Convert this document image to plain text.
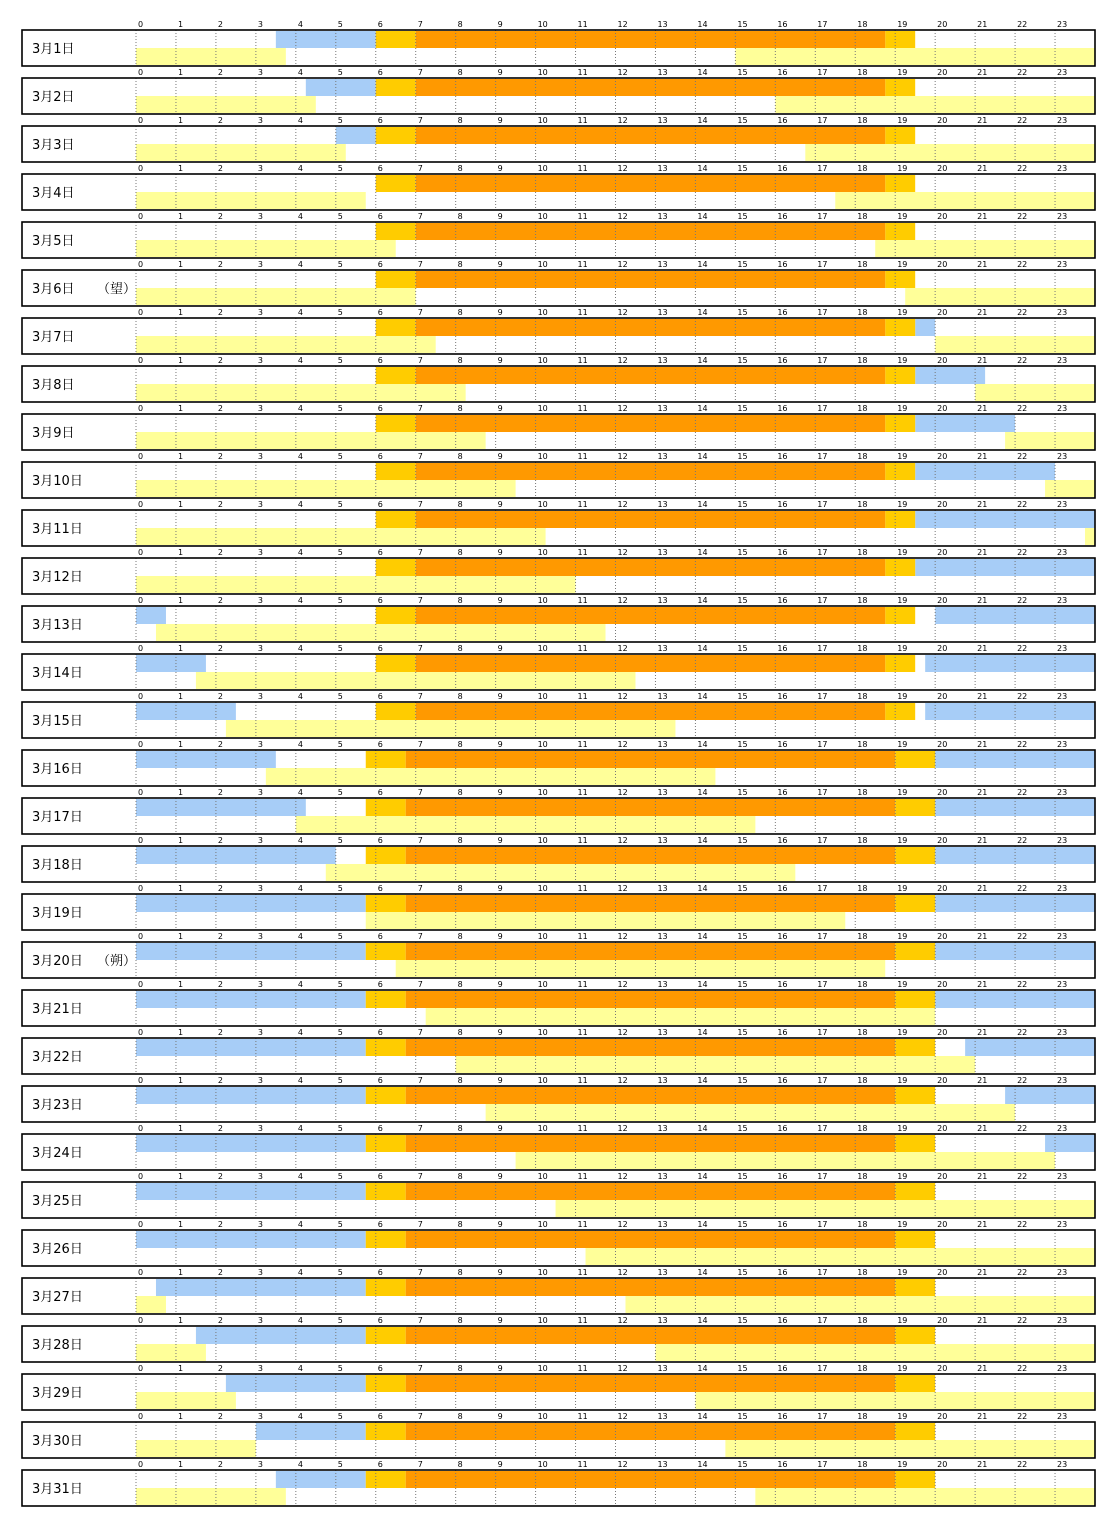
0	1	2	3	4	5	6	7	8	9	10	11	12	13	14	15	16	17	18	19	20	21	22	23
3月1日
0	1	2	3	4	5	6	7	8	9	10	11	12	13	14	15	16	17	18	19	20	21	22	23
3月2日
0	1	2	3	4	5	6	7	8	9	10	11	12	13	14	15	16	17	18	19	20	21	22	23
3月3日
0	1	2	3	4	5	6	7	8	9	10	11	12	13	14	15	16	17	18	19	20	21	22	23
3月4日
0	1	2	3	4	5	6	7	8	9	10	11	12	13	14	15	16	17	18	19	20	21	22	23
3月5日
0	1	2	3	4	5	6	7	8	9	10	11	12	13	14	15	16	17	18	19	20	21	22	23
3月6日 （望）
0	1	2	3	4	5	6	7	8	9	10	11	12	13	14	15	16	17	18	19	20	21	22	23
3月7日
0	1	2	3	4	5	6	7	8	9	10	11	12	13	14	15	16	17	18	19	20	21	22	23
3月8日
0	1	2	3	4	5	6	7	8	9	10	11	12	13	14	15	16	17	18	19	20	21	22	23
3月9日
0	1	2	3	4	5	6	7	8	9	10	11	12	13	14	15	16	17	18	19	20	21	22	23
3月10日
0	1	2	3	4	5	6	7	8	9	10	11	12	13	14	15	16	17	18	19	20	21	22	23
3月11日
0	1	2	3	4	5	6	7	8	9	10	11	12	13	14	15	16	17	18	19	20	21	22	23
3月12日
0	1	2	3	4	5	6	7	8	9	10	11	12	13	14	15	16	17	18	19	20	21	22	23
3月13日
0	1	2	3	4	5	6	7	8	9	10	11	12	13	14	15	16	17	18	19	20	21	22	23
3月14日
0	1	2	3	4	5	6	7	8	9	10	11	12	13	14	15	16	17	18	19	20	21	22	23
3月15日
0	1	2	3	4	5	6	7	8	9	10	11	12	13	14	15	16	17	18	19	20	21	22	23
3月16日
0	1	2	3	4	5	6	7	8	9	10	11	12	13	14	15	16	17	18	19	20	21	22	23
3月17日
0	1	2	3	4	5	6	7	8	9	10	11	12	13	14	15	16	17	18	19	20	21	22	23
3月18日
0	1	2	3	4	5	6	7	8	9	10	11	12	13	14	15	16	17	18	19	20	21	22	23
3月19日
0	1	2	3	4	5	6	7	8	9	10	11	12	13	14	15	16	17	18	19	20	21	22	23
3月20日 （朔）
0	1	2	3	4	5	6	7	8	9	10	11	12	13	14	15	16	17	18	19	20	21	22	23
3月21日
0	1	2	3	4	5	6	7	8	9	10	11	12	13	14	15	16	17	18	19	20	21	22	23
3月22日
0	1	2	3	4	5	6	7	8	9	10	11	12	13	14	15	16	17	18	19	20	21	22	23
3月23日
0	1	2	3	4	5	6	7	8	9	10	11	12	13	14	15	16	17	18	19	20	21	22	23
3月24日
0	1	2	3	4	5	6	7	8	9	10	11	12	13	14	15	16	17	18	19	20	21	22	23
3月25日
0	1	2	3	4	5	6	7	8	9	10	11	12	13	14	15	16	17	18	19	20	21	22	23
3月26日
0	1	2	3	4	5	6	7	8	9	10	11	12	13	14	15	16	17	18	19	20	21	22	23
3月27日
0	1	2	3	4	5	6	7	8	9	10	11	12	13	14	15	16	17	18	19	20	21	22	23
3月28日
0	1	2	3	4	5	6	7	8	9	10	11	12	13	14	15	16	17	18	19	20	21	22	23
3月29日
0	1	2	3	4	5	6	7	8	9	10	11	12	13	14	15	16	17	18	19	20	21	22	23
3月30日
0	1	2	3	4	5	6	7	8	9	10	11	12	13	14	15	16	17	18	19	20	21	22	23
3月31日
